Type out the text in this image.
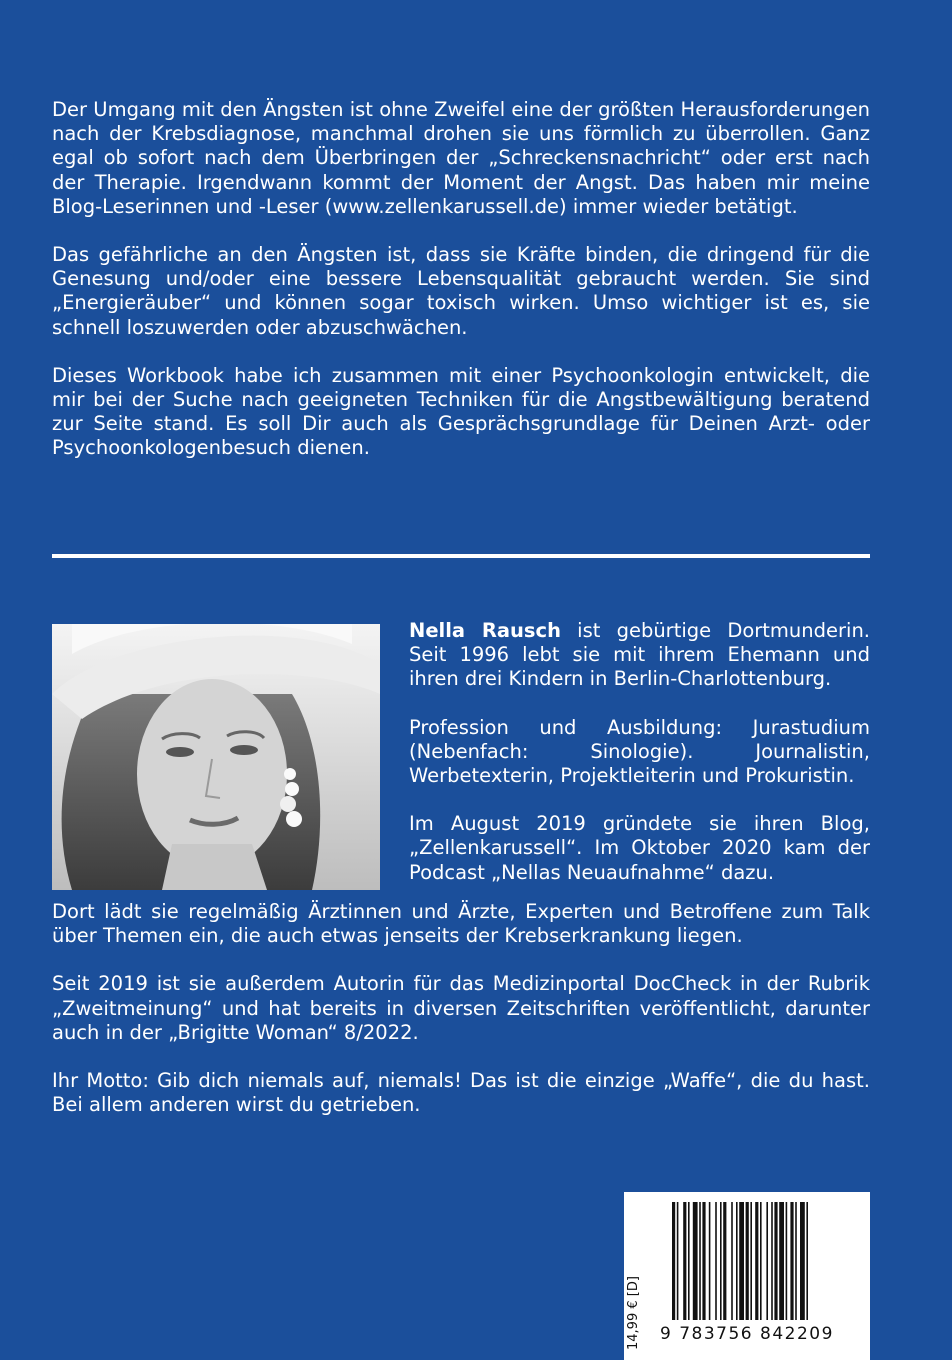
Der Umgang mit den Ängsten ist ohne Zweifel eine der größten Herausforderungen nach der Krebsdiagnose, manchmal drohen sie uns förmlich zu überrollen. Ganz egal ob sofort nach dem Überbringen der „Schreckensnachricht“ oder erst nach der Therapie. Irgendwann kommt der Moment der Angst. Das haben mir meine Blog-Leserinnen und -Leser (www.zellenkarussell.de) immer wieder betätigt.

Das gefährliche an den Ängsten ist, dass sie Kräfte binden, die dringend für die Genesung und/oder eine bessere Lebensqualität gebraucht werden. Sie sind „Energieräuber“ und können sogar toxisch wirken. Umso wichtiger ist es, sie schnell loszuwerden oder abzuschwächen.

Dieses Workbook habe ich zusammen mit einer Psychoonkologin entwickelt, die mir bei der Suche nach geeigneten Techniken für die Angstbewältigung beratend zur Seite stand. Es soll Dir auch als Gesprächsgrundlage für Deinen Arzt- oder Psychoonkologenbesuch dienen.

Nella Rausch ist gebürtige Dortmunderin. Seit 1996 lebt sie mit ihrem Ehemann und ihren drei Kindern in Berlin-Charlottenburg.

Profession und Ausbildung: Jurastudium (Nebenfach: Sinologie). Journalistin, Werbetexterin, Projektleiterin und Prokuristin.

Im August 2019 gründete sie ihren Blog, „Zellenkarussell“. Im Oktober 2020 kam der Podcast „Nellas Neuaufnahme“ dazu.

Dort lädt sie regelmäßig Ärztinnen und Ärzte, Experten und Betroffene zum Talk über Themen ein, die auch etwas jenseits der Krebserkrankung liegen.

Seit 2019 ist sie außerdem Autorin für das Medizinportal DocCheck in der Rubrik „Zweitmeinung“ und hat bereits in diversen Zeitschriften veröffentlicht, darunter auch in der „Brigitte Woman“ 8/2022.

Ihr Motto: Gib dich niemals auf, niemals! Das ist die einzige „Waffe“, die du hast. Bei allem anderen wirst du getrieben.

14,99 € [D]	9 783756 842209
